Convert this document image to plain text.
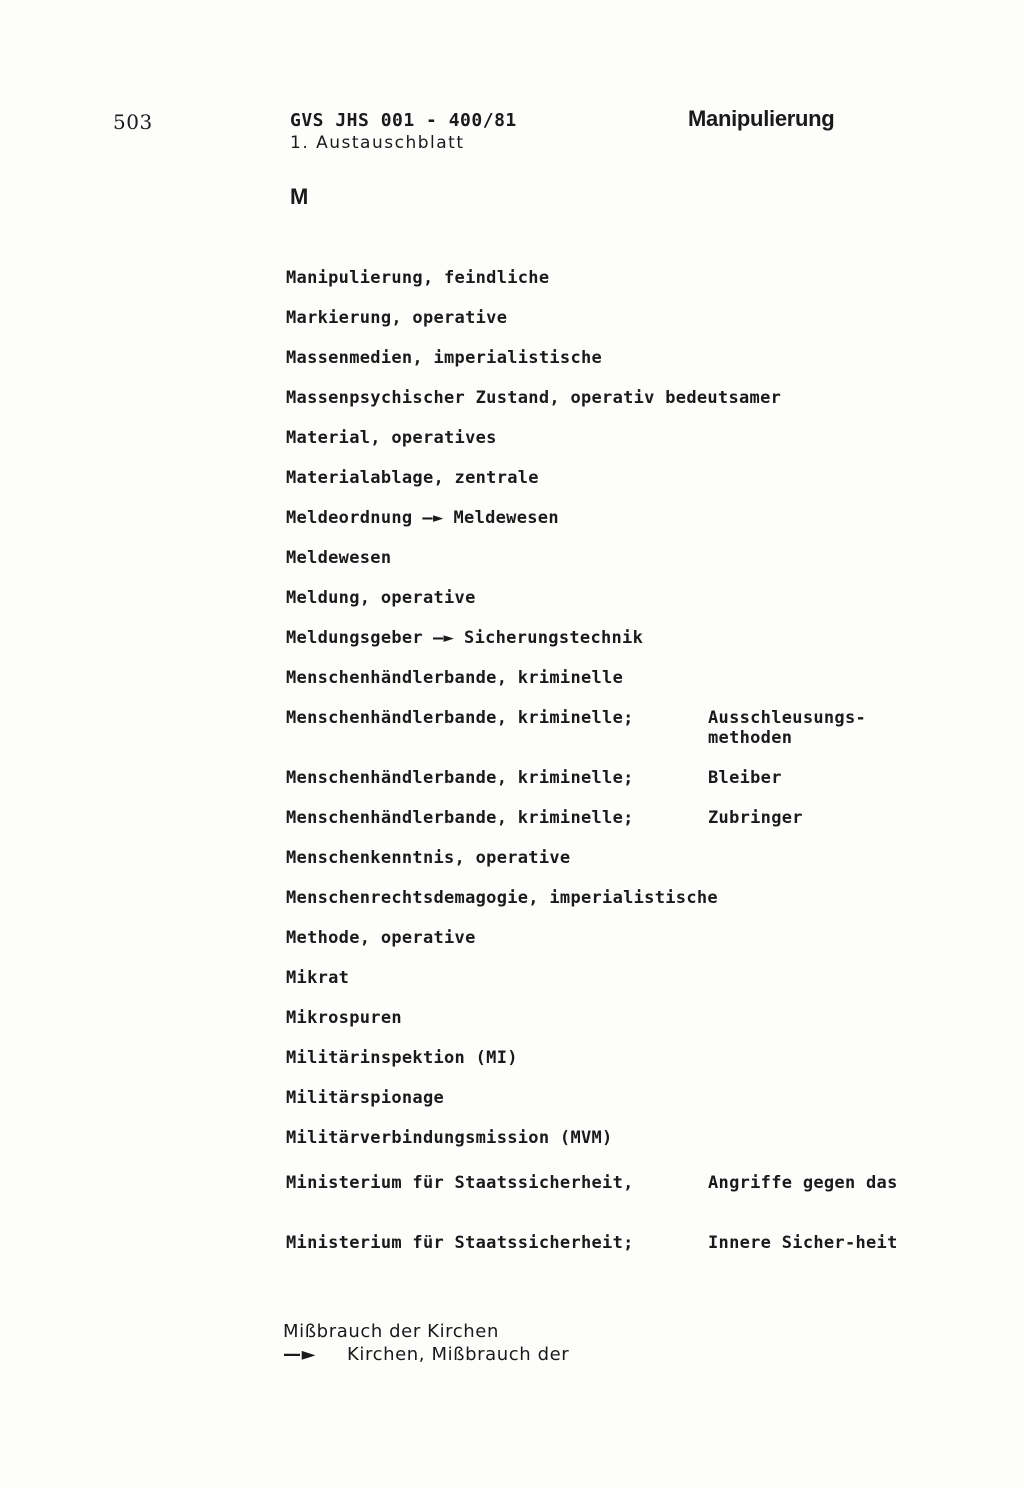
503	GVS JHS 001 - 400/81
1. Austauschblatt
Manipulierung
M
Manipulierung, feindliche
Markierung, operative
Massenmedien, imperialistische
Massenpsychischer Zustand, operativ bedeutsamer
Material, operatives
Materialablage, zentrale
Meldeordnung —► Meldewesen
Meldewesen
Meldung, operative
Meldungsgeber —► Sicherungstechnik
Menschenhändlerbande, kriminelle
Menschenhändlerbande, kriminelle;	Ausschleusungs-methoden
Menschenhändlerbande, kriminelle;	Bleiber
Menschenhändlerbande, kriminelle;	Zubringer
Menschenkenntnis, operative
Menschenrechtsdemagogie, imperialistische
Methode, operative
Mikrat
Mikrospuren
Militärinspektion (MI)
Militärspionage
Militärverbindungsmission (MVM)
Ministerium für Staatssicherheit,	Angriffe gegen das
Ministerium für Staatssicherheit;	Innere Sicher-heit
Mißbrauch der Kirchen
—► Kirchen, Mißbrauch der
